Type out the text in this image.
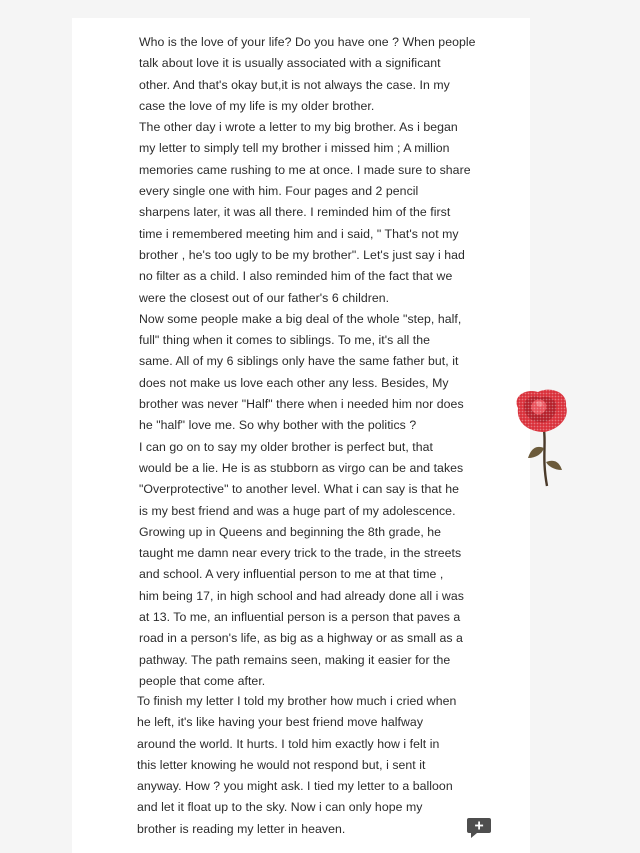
Who is the love of your life? Do you have one ? When people
talk about love it is usually associated with a significant
other. And that's okay but,it is not always the case. In my
case the love of my life is my older brother.
The other day i wrote a letter to my big brother. As i began
my letter to simply tell my brother i missed him ; A million
memories came rushing to me at once. I made sure to share
every single one with him. Four pages and 2 pencil
sharpens later, it was all there. I reminded him of the first
time i remembered meeting him and i said, " That's not my
brother , he's too ugly to be my brother". Let's just say i had
no filter as a child. I also reminded him of the fact that we
were the closest out of our father's 6 children.
Now some people make a big deal of the whole "step, half,
full" thing when it comes to siblings. To me, it's all the
same. All of my 6 siblings only have the same father but, it
does not make us love each other any less. Besides, My
brother was never "Half" there when i needed him nor does
he "half" love me. So why bother with the politics ?
I can go on to say my older brother is perfect but, that
would be a lie. He is as stubborn as virgo can be and takes
"Overprotective" to another level. What i can say is that he
is my best friend and was a huge part of my adolescence.
Growing up in Queens and beginning the 8th grade, he
taught me damn near every trick to the trade, in the streets
and school. A very influential person to me at that time ,
him being 17, in high school and had already done all i was
at 13. To me, an influential person is a person that paves a
road in a person's life, as big as a highway or as small as a
pathway. The path remains seen, making it easier for the
people that come after.
To finish my letter I told my brother how much i cried when
he left, it's like having your best friend move halfway
around the world. It hurts. I told him exactly how i felt in
this letter knowing he would not respond but, i sent it
anyway. How ? you might ask. I tied my letter to a balloon
and let it float up to the sky. Now i can only hope my
brother is reading my letter in heaven.
